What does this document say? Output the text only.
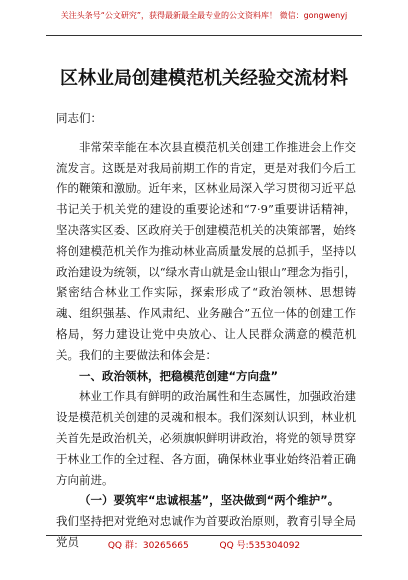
关注头条号“公文研究”，获得最新最全最专业的公文资料库！ 微信：gongwenyj
区林业局创建模范机关经验交流材料

同志们：

非常荣幸能在本次县直模范机关创建工作推进会上作交流发言。这既是对我局前期工作的肯定，更是对我们今后工作的鞭策和激励。近年来，区林业局深入学习贯彻习近平总书记关于机关党的建设的重要论述和“7·9”重要讲话精神，坚决落实区委、区政府关于创建模范机关的决策部署，始终将创建模范机关作为推动林业高质量发展的总抓手，坚持以政治建设为统领，以“绿水青山就是金山银山”理念为指引，紧密结合林业工作实际，探索形成了“政治领林、思想铸魂、组织强基、作风肃纪、业务融合”五位一体的创建工作格局，努力建设让党中央放心、让人民群众满意的模范机关。我们的主要做法和体会是：

一、政治领林，把稳模范创建“方向盘”

林业工作具有鲜明的政治属性和生态属性，加强政治建设是模范机关创建的灵魂和根本。我们深刻认识到，林业机关首先是政治机关，必须旗帜鲜明讲政治，将党的领导贯穿于林业工作的全过程、各方面，确保林业事业始终沿着正确方向前进。

（一）要筑牢“忠诚根基”，坚决做到“两个维护”。

我们坚持把对党绝对忠诚作为首要政治原则，教育引导全局党员	QQ 群：30265665	QQ 号:535304092
